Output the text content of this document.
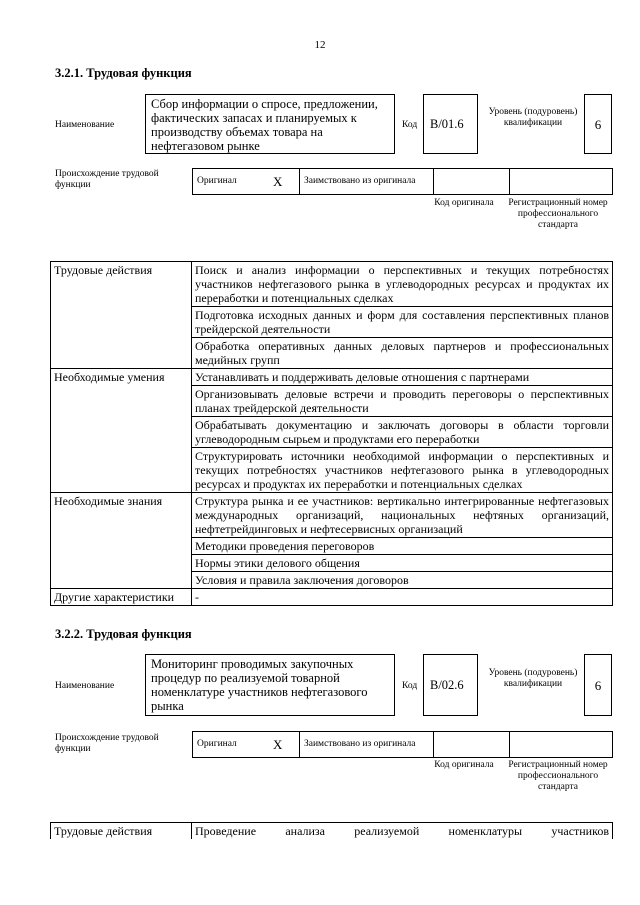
12
3.2.1. Трудовая функция
Наименование
Сбор информации о спросе, предложении, фактических запасах и планируемых к производству объемах товара на нефтегазовом рынке
Код	B/01.6
Уровень (подуровень) квалификации	6
Происхождение трудовой функции	Оригинал	X	Заимствовано из оригинала		
Код оригинала	Регистрационный номер профессионального стандарта
Трудовые действия	Поиск и анализ информации о перспективных и текущих потребностях участников нефтегазового рынка в углеводородных ресурсах и продуктах их переработки и потенциальных сделках
	Подготовка исходных данных и форм для составления перспективных планов трейдерской деятельности
	Обработка оперативных данных деловых партнеров и профессиональных медийных групп
Необходимые умения	Устанавливать и поддерживать деловые отношения с партнерами
	Организовывать деловые встречи и проводить переговоры о перспективных планах трейдерской деятельности
	Обрабатывать документацию и заключать договоры в области торговли углеводородным сырьем и продуктами его переработки
	Структурировать источники необходимой информации о перспективных и текущих потребностях участников нефтегазового рынка в углеводородных ресурсах и продуктах их переработки и потенциальных сделках
Необходимые знания	Структура рынка и ее участников: вертикально интегрированные нефтегазовых международных организаций, национальных нефтяных организаций, нефтетрейдинговых и нефтесервисных организаций
	Методики проведения переговоров
	Нормы этики делового общения
	Условия и правила заключения договоров
Другие характеристики	-
3.2.2. Трудовая функция
Наименование
Мониторинг проводимых закупочных процедур по реализуемой товарной номенклатуре участников нефтегазового рынка
Код	B/02.6
Уровень (подуровень) квалификации	6
Происхождение трудовой функции	Оригинал	X	Заимствовано из оригинала		
Код оригинала	Регистрационный номер профессионального стандарта
Трудовые действия	Проведение анализа реализуемой номенклатуры участников
